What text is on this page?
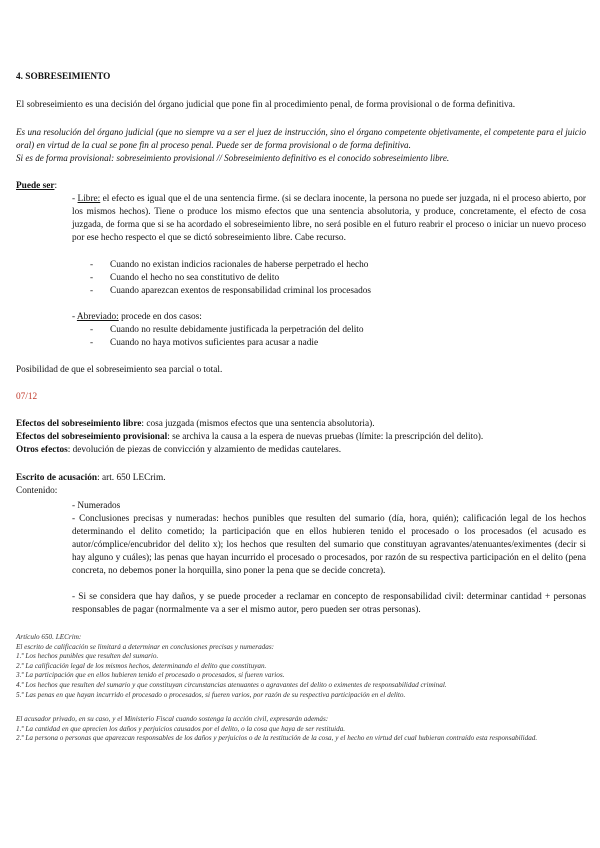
4. SOBRESEIMIENTO
El sobreseimiento es una decisión del órgano judicial que pone fin al procedimiento penal, de forma provisional o de forma definitiva.
Es una resolución del órgano judicial (que no siempre va a ser el juez de instrucción, sino el órgano competente objetivamente, el competente para el juicio oral) en virtud de la cual se pone fin al proceso penal. Puede ser de forma provisional o de forma definitiva.
Si es de forma provisional: sobreseimiento provisional // Sobreseimiento definitivo es el conocido sobreseimiento libre.
Puede ser:
- Libre: el efecto es igual que el de una sentencia firme. (si se declara inocente, la persona no puede ser juzgada, ni el proceso abierto, por los mismos hechos). Tiene o produce los mismo efectos que una sentencia absolutoria, y produce, concretamente, el efecto de cosa juzgada, de forma que si se ha acordado el sobreseimiento libre, no será posible en el futuro reabrir el proceso o iniciar un nuevo proceso por ese hecho respecto el que se dictó sobreseimiento libre. Cabe recurso.
- Cuando no existan indicios racionales de haberse perpetrado el hecho
- Cuando el hecho no sea constitutivo de delito
- Cuando aparezcan exentos de responsabilidad criminal los procesados
- Abreviado: procede en dos casos:
- Cuando no resulte debidamente justificada la perpetración del delito
- Cuando no haya motivos suficientes para acusar a nadie
Posibilidad de que el sobreseimiento sea parcial o total.
07/12
Efectos del sobreseimiento libre: cosa juzgada (mismos efectos que una sentencia absolutoria).
Efectos del sobreseimiento provisional: se archiva la causa a la espera de nuevas pruebas (límite: la prescripción del delito).
Otros efectos: devolución de piezas de convicción y alzamiento de medidas cautelares.
Escrito de acusación: art. 650 LECrim.
Contenido:
- Numerados
- Conclusiones precisas y numeradas: hechos punibles que resulten del sumario (día, hora, quién); calificación legal de los hechos determinando el delito cometido; la participación que en ellos hubieren tenido el procesado o los procesados (el acusado es autor/cómplice/encubridor del delito x); los hechos que resulten del sumario que constituyan agravantes/atenuantes/eximentes (decir si hay alguno y cuáles); las penas que hayan incurrido el procesado o procesados, por razón de su respectiva participación en el delito (pena concreta, no debemos poner la horquilla, sino poner la pena que se decide concreta).
- Si se considera que hay daños, y se puede proceder a reclamar en concepto de responsabilidad civil: determinar cantidad + personas responsables de pagar (normalmente va a ser el mismo autor, pero pueden ser otras personas).
Artículo 650. LECrim:
El escrito de calificación se limitará a determinar en conclusiones precisas y numeradas:
1.º Los hechos punibles que resulten del sumario.
2.º La calificación legal de los mismos hechos, determinando el delito que constituyan.
3.º La participación que en ellos hubieren tenido el procesado o procesados, si fueren varios.
4.º Los hechos que resulten del sumario y que constituyan circunstancias atenuantes o agravantes del delito o eximentes de responsabilidad criminal.
5.º Las penas en que hayan incurrido el procesado o procesados, si fueren varios, por razón de su respectiva participación en el delito.
El acusador privado, en su caso, y el Ministerio Fiscal cuando sostenga la acción civil, expresarán además:
1.º La cantidad en que aprecien los daños y perjuicios causados por el delito, o la cosa que haya de ser restituida.
2.º La persona o personas que aparezcan responsables de los daños y perjuicios o de la restitución de la cosa, y el hecho en virtud del cual hubieran contraído esta responsabilidad.
